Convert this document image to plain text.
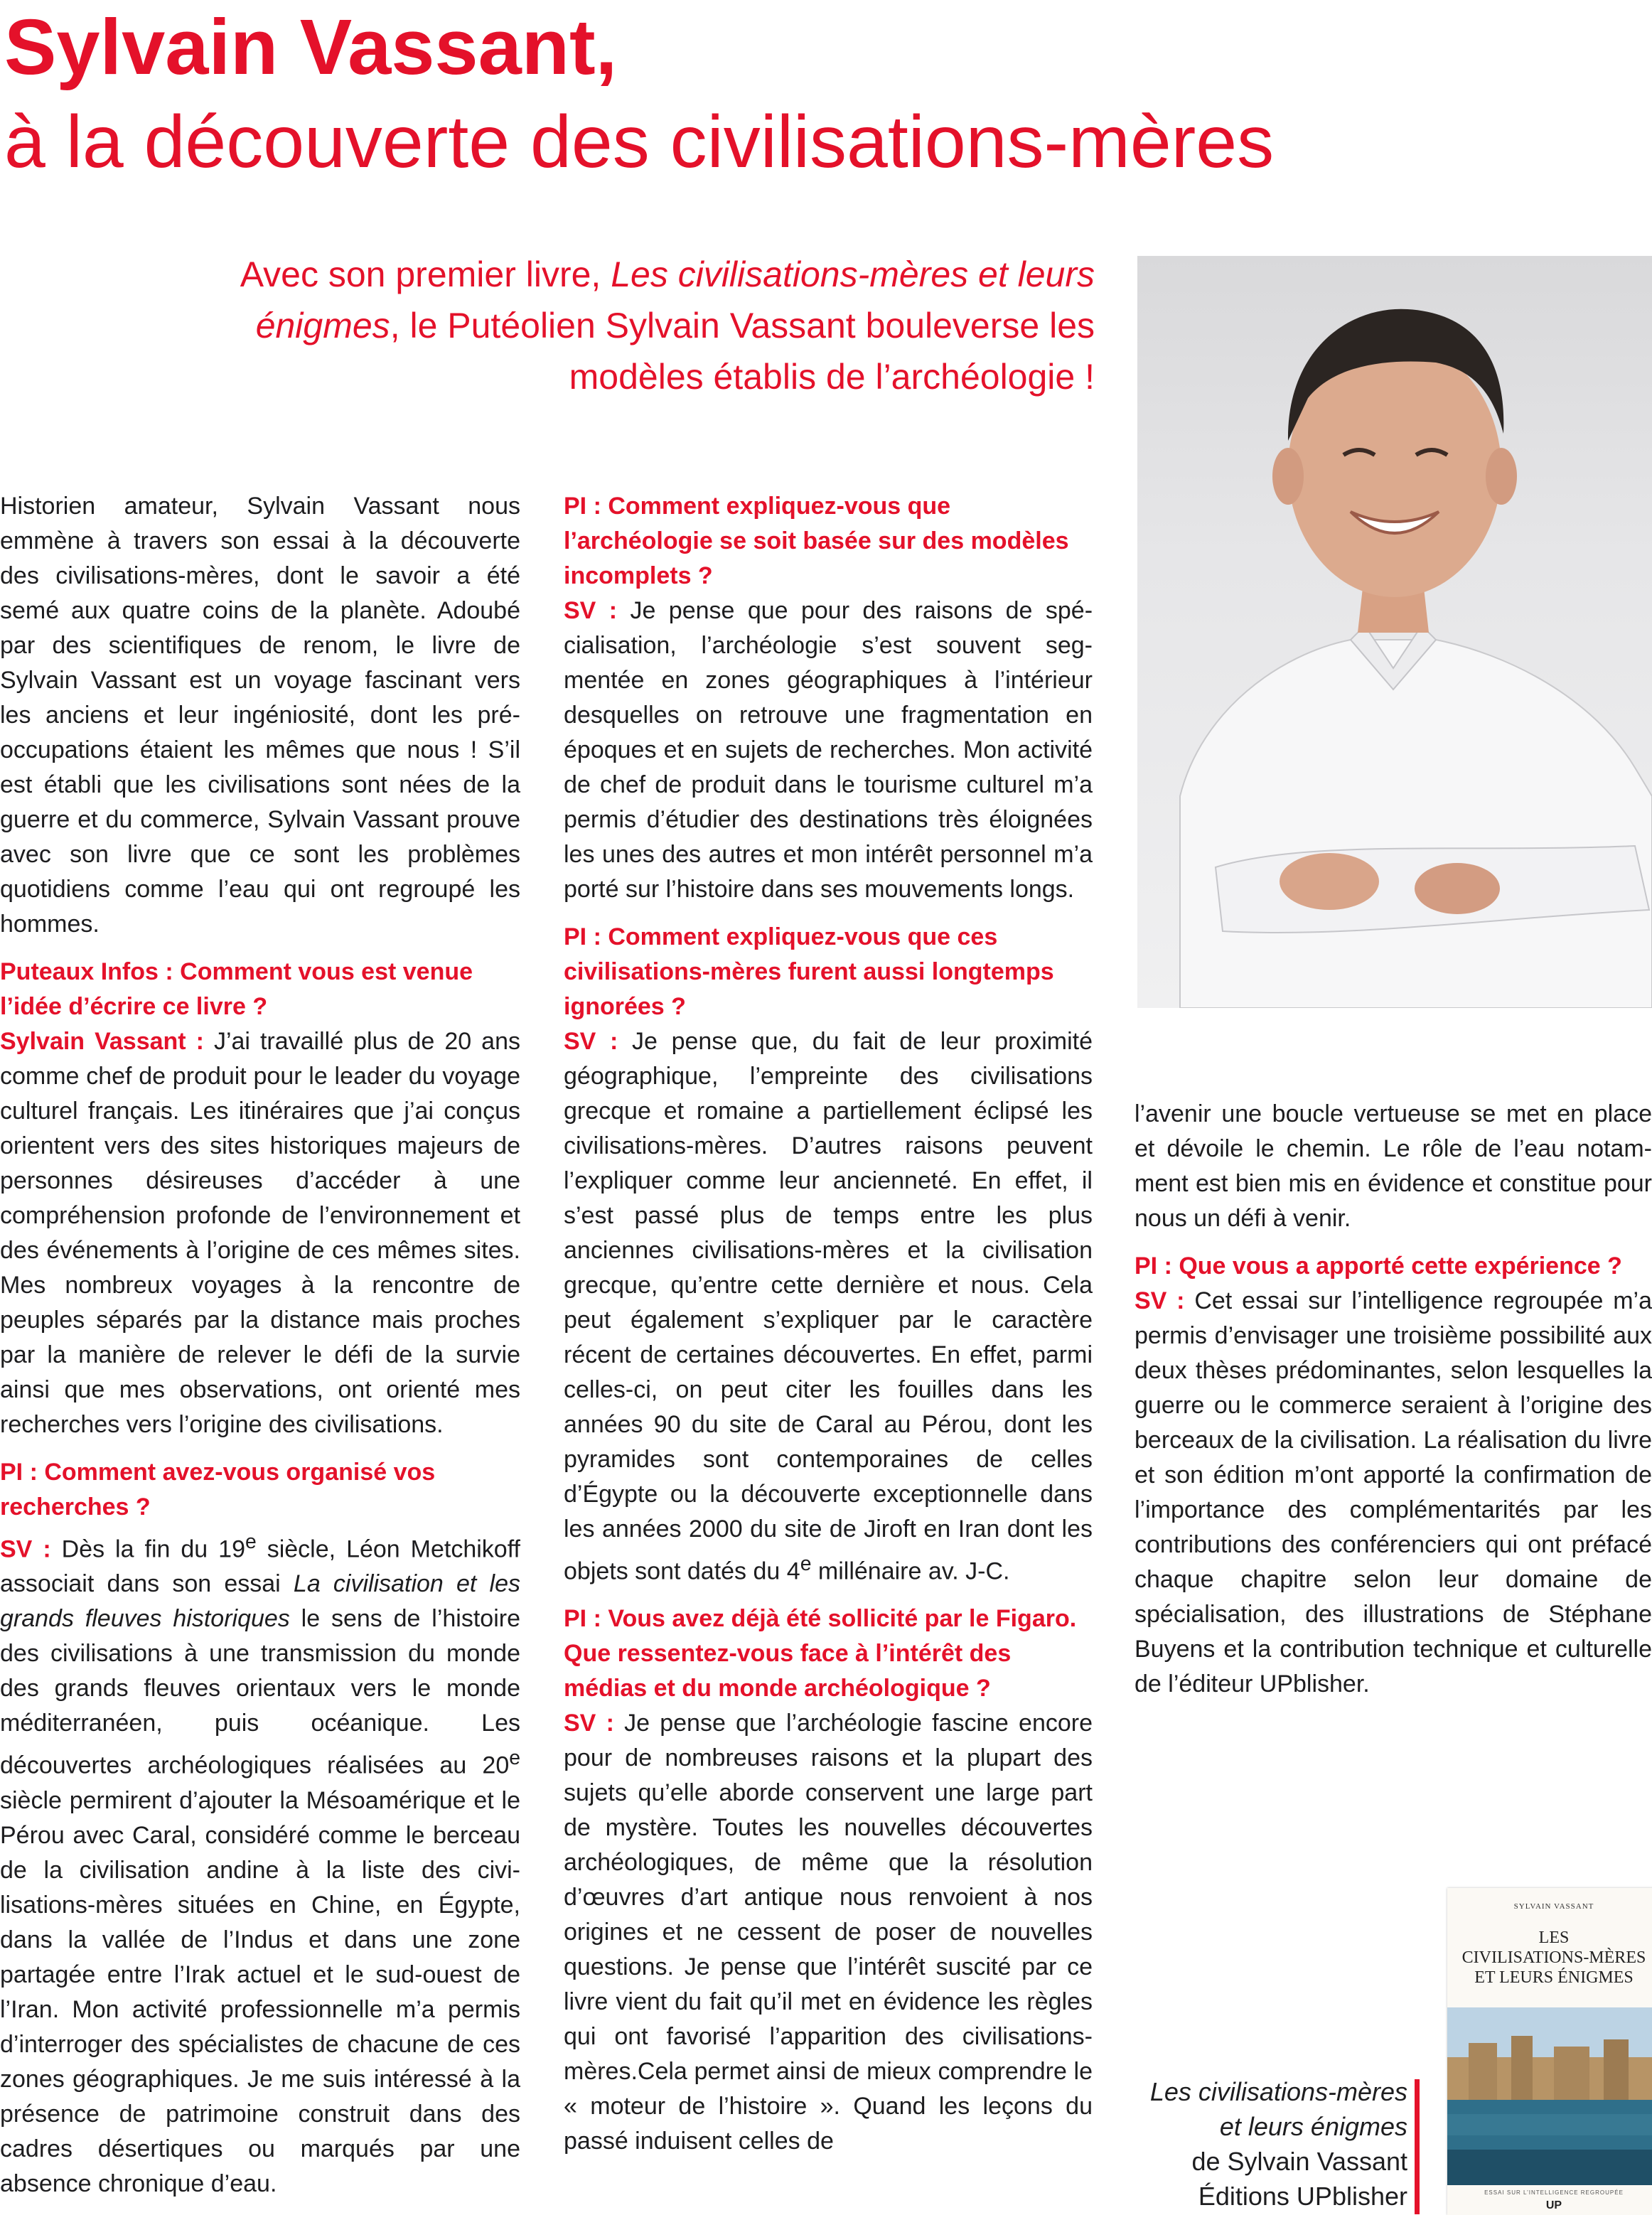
Sylvain Vassant,
à la découverte des civilisations-mères
Avec son premier livre, Les civilisations-mères et leurs énigmes, le Putéolien Sylvain Vassant bouleverse les modèles établis de l’archéologie !

Historien amateur, Sylvain Vassant nous emmène à travers son essai à la découverte des civilisations-mères, dont le savoir a été semé aux quatre coins de la planète. Adoubé par des scientifiques de renom, le livre de Sylvain Vassant est un voyage fascinant vers les anciens et leur ingéniosité, dont les préoccupations étaient les mêmes que nous ! S’il est établi que les civilisations sont nées de la guerre et du commerce, Sylvain Vassant prouve avec son livre que ce sont les problèmes quotidiens comme l’eau qui ont regroupé les hommes.

Puteaux Infos : Comment vous est venue l’idée d’écrire ce livre ?

Sylvain Vassant : J’ai travaillé plus de 20 ans comme chef de produit pour le leader du voyage culturel français. Les itinéraires que j’ai conçus orientent vers des sites historiques majeurs de personnes désireuses d’accéder à une compréhension profonde de l’environnement et des événements à l’origine de ces mêmes sites. Mes nombreux voyages à la rencontre de peuples séparés par la distance mais proches par la manière de relever le défi de la survie ainsi que mes observations, ont orienté mes recherches vers l’origine des civilisations.

PI : Comment avez-vous organisé vos recherches ?

SV : Dès la fin du 19e siècle, Léon Metchikoff associait dans son essai La civilisation et les grands fleuves historiques le sens de l’histoire des civilisations à une transmission du monde des grands fleuves orientaux vers le monde méditerranéen, puis océanique. Les découvertes archéologiques réalisées au 20e siècle permirent d’ajouter la Mésoamérique et le Pérou avec Caral, considéré comme le berceau de la civilisation andine à la liste des civilisations-mères situées en Chine, en Égypte, dans la vallée de l’Indus et dans une zone partagée entre l’Irak actuel et le sud-ouest de l’Iran. Mon activité professionnelle m’a permis d’interroger des spécialistes de chacune de ces zones géographiques. Je me suis intéressé à la présence de patrimoine construit dans des cadres désertiques ou marqués par une absence chronique d’eau.

PI : Comment expliquez-vous que l’archéologie se soit basée sur des modèles incomplets ?

SV : Je pense que pour des raisons de spécialisation, l’archéologie s’est souvent segmentée en zones géographiques à l’intérieur desquelles on retrouve une fragmentation en époques et en sujets de recherches. Mon activité de chef de produit dans le tourisme culturel m’a permis d’étudier des destinations très éloignées les unes des autres et mon intérêt personnel m’a porté sur l’histoire dans ses mouvements longs.

PI : Comment expliquez-vous que ces civilisations-mères furent aussi longtemps ignorées ?

SV : Je pense que, du fait de leur proximité géographique, l’empreinte des civilisations grecque et romaine a partiellement éclipsé les civilisations-mères. D’autres raisons peuvent l’expliquer comme leur ancienneté. En effet, il s’est passé plus de temps entre les plus anciennes civilisations-mères et la civilisation grecque, qu’entre cette dernière et nous. Cela peut également s’expliquer par le caractère récent de certaines découvertes. En effet, parmi celles-ci, on peut citer les fouilles dans les années 90 du site de Caral au Pérou, dont les pyramides sont contemporaines de celles d’Égypte ou la découverte exceptionnelle dans les années 2000 du site de Jiroft en Iran dont les objets sont datés du 4e millénaire av. J-C.

PI : Vous avez déjà été sollicité par le Figaro. Que ressentez-vous face à l’intérêt des médias et du monde archéologique ?

SV : Je pense que l’archéologie fascine encore pour de nombreuses raisons et la plupart des sujets qu’elle aborde conservent une large part de mystère. Toutes les nouvelles découvertes archéologiques, de même que la résolution d’œuvres d’art antique nous renvoient à nos origines et ne cessent de poser de nouvelles questions. Je pense que l’intérêt suscité par ce livre vient du fait qu’il met en évidence les règles qui ont favorisé l’apparition des civilisations-mères.Cela permet ainsi de mieux comprendre le « moteur de l’histoire ». Quand les leçons du passé induisent celles de

l’avenir une boucle vertueuse se met en place et dévoile le chemin. Le rôle de l’eau notamment est bien mis en évidence et constitue pour nous un défi à venir.

PI : Que vous a apporté cette expérience ?

SV : Cet essai sur l’intelligence regroupée m’a permis d’envisager une troisième possibilité aux deux thèses prédominantes, selon lesquelles la guerre ou le commerce seraient à l’origine des berceaux de la civilisation. La réalisation du livre et son édition m’ont apporté la confirmation de l’importance des complémentarités par les contributions des conférenciers qui ont préfacé chaque chapitre selon leur domaine de spécialisation, des illustrations de Stéphane Buyens et la contribution technique et culturelle de l’éditeur UPblisher.

Les civilisations-mères
et leurs énigmes
de Sylvain Vassant
Éditions UPblisher
SYLVAIN VASSANT
LES
CIVILISATIONS-MÈRES
ET LEURS ÉNIGMES
ESSAI SUR L’INTELLIGENCE REGROUPÉE
UP
